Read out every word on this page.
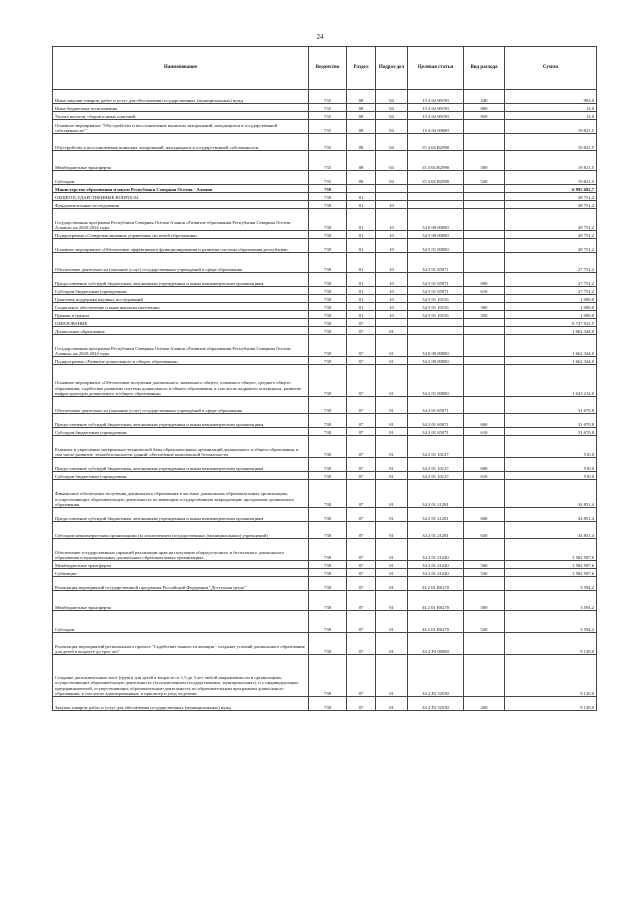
24
Наименование	Ведомство	Раздел	Подраз-дел	Целевая статья	Вид расхода	Сумма
Иные закупки товаров, работ и услуг для обеспечения государственных (муниципальных) нужд	735	08	04	15 4 02 00190	240	983,0
Иные бюджетные ассигнования	735	08	04	15 4 02 00190	800	12,0
Уплата налогов, сборов и иных платежей	735	08	04	15 4 02 00190	850	12,0
Основное мероприятие "Обустройство и восстановление воинских захоронений, находящихся в государственной собственности"	735	08	04	15 4 04 00000		19 821,5
Обустройство и восстановление воинских захоронений, находящихся в государственной собственности	735	08	04	15 4 04 R2990		19 821,5
Межбюджетные трансферты	735	08	04	15 4 04 R2990	500	19 821,5
Субсидии	735	08	04	15 4 04 R2990	520	19 821,5
Министерство образования и науки Республики Северная Осетия - Алания	738					6 895 682,7
ОБЩЕГОСУДАРСТВЕННЫЕ ВОПРОСЫ	738	01				28 751,2
Фундаментальные исследования	738	01	10			28 751,2
Государственная программа Республики Северная Осетия-Алания «Развитие образования Республики Северная Осетия-Алания» на 2020-2024 годы	738	01	10	34 0 00 00000		28 751,2
Подпрограмма «Совершенствование управления системой образования»	738	01	10	34 5 00 00000		28 751,2
Основное мероприятие «Обеспечение эффективного функционирования и развития системы образования республики»	738	01	10	34 5 01 00000		28 751,2
Обеспечение деятельности (оказание услуг) государственных учреждений в сфере образования	738	01	10	34 5 01 65071		27 751,2
Предоставление субсидий бюджетным, автономным учреждениям и иным некоммерческим организациям	738	01	10	34 5 01 65071	600	27 751,2
Субсидии бюджетным учреждениям	738	01	10	34 5 01 65071	610	27 751,2
Грантовая поддержка научных исследований	738	01	10	34 5 01 10135		1 000,0
Социальное обеспечение и иные выплаты населению	738	01	10	34 5 01 10135	300	1 000,0
Премии и гранты	738	01	10	34 5 01 10135	350	1 000,0
ОБРАЗОВАНИЕ	738	07				6 727 531,5
Дошкольное образование	738	07	01			1 662 344,0
Государственная программа Республики Северная Осетия-Алания «Развитие образования Республики Северная Осетия-Алания» на 2020-2024 годы	738	07	01	34 0 00 00000		1 662 344,0
Подпрограмма «Развитие дошкольного и общего образования»	738	07	01	34 2 00 00000		1 662 344,0
Основное мероприятие «Обеспечение получения дошкольного, начального общего, основного общего, среднего общего образования, содействие развитию системы дошкольного и общего образования, в том числе кадрового потенциала, развитие инфраструктуры дошкольного и общего образования»	738	07	01	34 2 01 00000		1 633 214,0
Обеспечение деятельности (оказание услуг) государственных учреждений в сфере образования	738	07	01	34 2 01 65071		31 670,8
Предоставление субсидий бюджетным, автономным учреждениям и иным некоммерческим организациям	738	07	01	34 2 01 65071	600	31 670,8
Субсидии бюджетным учреждениям	738	07	01	34 2 01 65071	610	31 670,8
Развитие и укрепление материально-технической базы образовательных организаций дошкольного и общего образования, в том числе развитие, технобезопасности зданий, обеспечение комплексной безопасности	738	07	01	34 2 01 10127		510,0
Предоставление субсидий бюджетным, автономным учреждениям и иным некоммерческим организациям	738	07	01	34 2 01 10127	600	510,0
Субсидии бюджетным учреждениям	738	07	01	34 2 01 10127	610	510,0
Финансовое обеспечение получения дошкольного образования в частных дошкольных образовательных организациях, осуществляющих образовательную деятельность по имеющим государственную аккредитацию программам дошкольного образования	738	07	01	34 2 01 21281		34 851,4
Предоставление субсидий бюджетным, автономным учреждениям и иным некоммерческим организациям	738	07	01	34 2 01 21281	600	34 851,4
Субсидии некоммерческим организациям (за исключением государственных (муниципальных) учреждений)	738	07	01	34 2 01 21281	630	34 851,4
Обеспечение государственных гарантий реализации прав на получение общедоступного и бесплатного дошкольного образования в муниципальных дошкольных образовательных организациях	738	07	01	34 2 01 21240		1 582 587,6
Межбюджетные трансферты	738	07	01	34 2 01 21240	500	1 582 587,6
Субвенции	738	07	01	34 2 01 21240	530	1 582 587,6
Реализация мероприятий государственной программы Российской Федерации "Доступная среда"	738	07	01	34 2 01 R0270		3 594,2
Межбюджетные трансферты	738	07	01	34 2 01 R0270	500	3 594,2
Субсидии	738	07	01	34 2 01 R0270	520	3 594,2
Реализация мероприятий регионального проекта "Содействие занятости женщин - создание условий дошкольного образования для детей в возрасте до трех лет"	738	07	01	34 2 P2 00000		9 130,0
Создание дополнительных мест (групп) для детей в возрасте от 1,5 до 3 лет любой направленности в организациях, осуществляющих образовательную деятельность (за исключением государственных, муниципальных), и у индивидуальных предпринимателей, осуществляющих образовательную деятельность по образовательным программам дошкольного образования, в том числе адаптированным, и присмотр и уход за детьми	738	07	01	34 2 P2 52530		9 130,0
Закупка товаров, работ и услуг для обеспечения государственных (муниципальных) нужд	738	07	01	34 2 P2 52530	200	9 130,0
